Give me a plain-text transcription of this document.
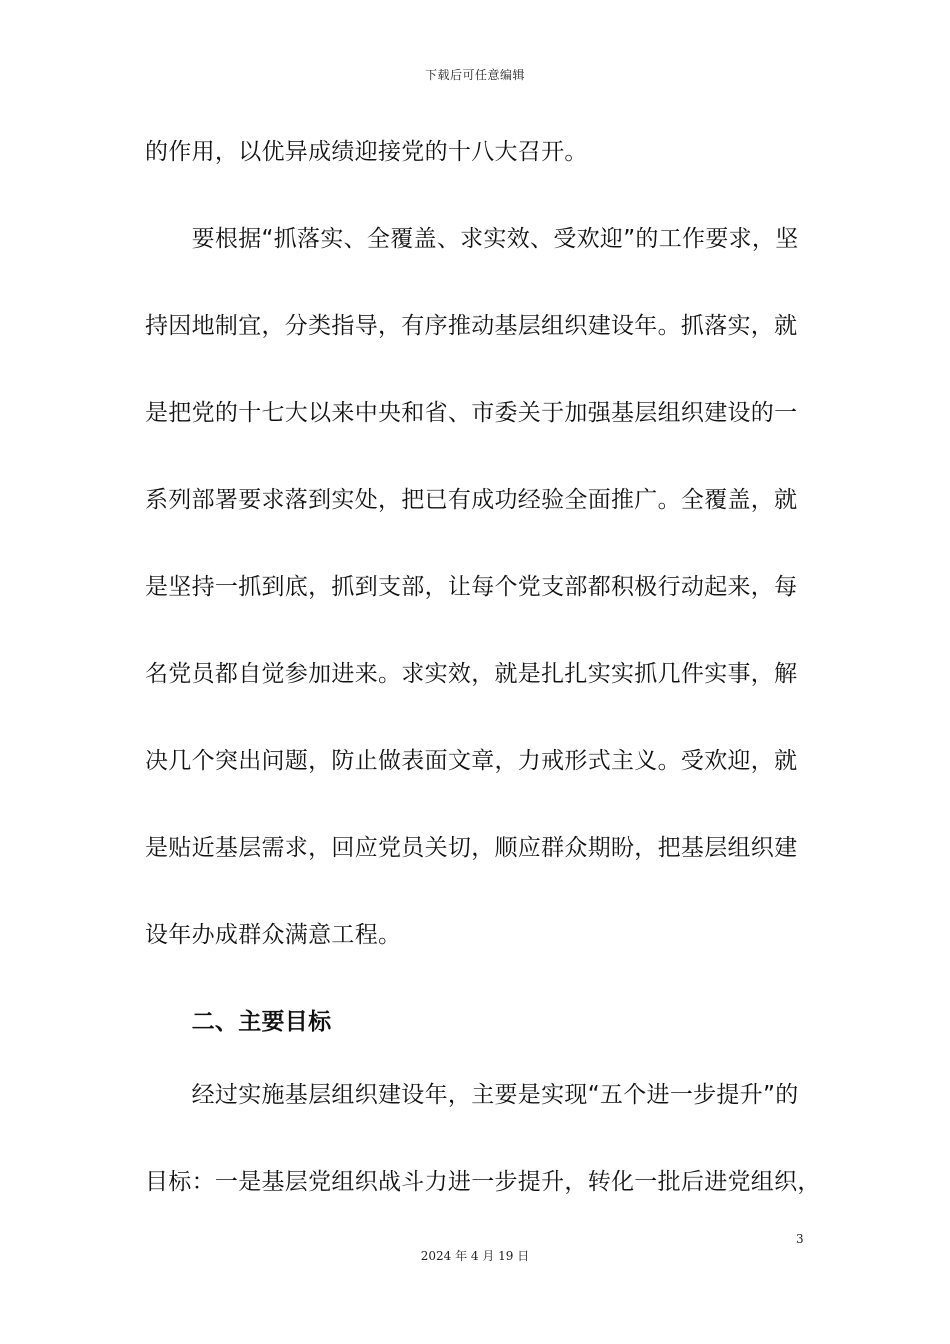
下载后可任意编辑
的作用，以优异成绩迎接党的十八大召开。
　　要根据“抓落实、全覆盖、求实效、受欢迎”的工作要求，坚
持因地制宜，分类指导，有序推动基层组织建设年。抓落实，就
是把党的十七大以来中央和省、市委关于加强基层组织建设的一
系列部署要求落到实处，把已有成功经验全面推广。全覆盖，就
是坚持一抓到底，抓到支部，让每个党支部都积极行动起来，每
名党员都自觉参加进来。求实效，就是扎扎实实抓几件实事，解
决几个突出问题，防止做表面文章，力戒形式主义。受欢迎，就
是贴近基层需求，回应党员关切，顺应群众期盼，把基层组织建
设年办成群众满意工程。
　　二、主要目标
　　经过实施基层组织建设年，主要是实现“五个进一步提升”的
目标：一是基层党组织战斗力进一步提升，转化一批后进党组织，
3
2024 年 4 月 19 日
